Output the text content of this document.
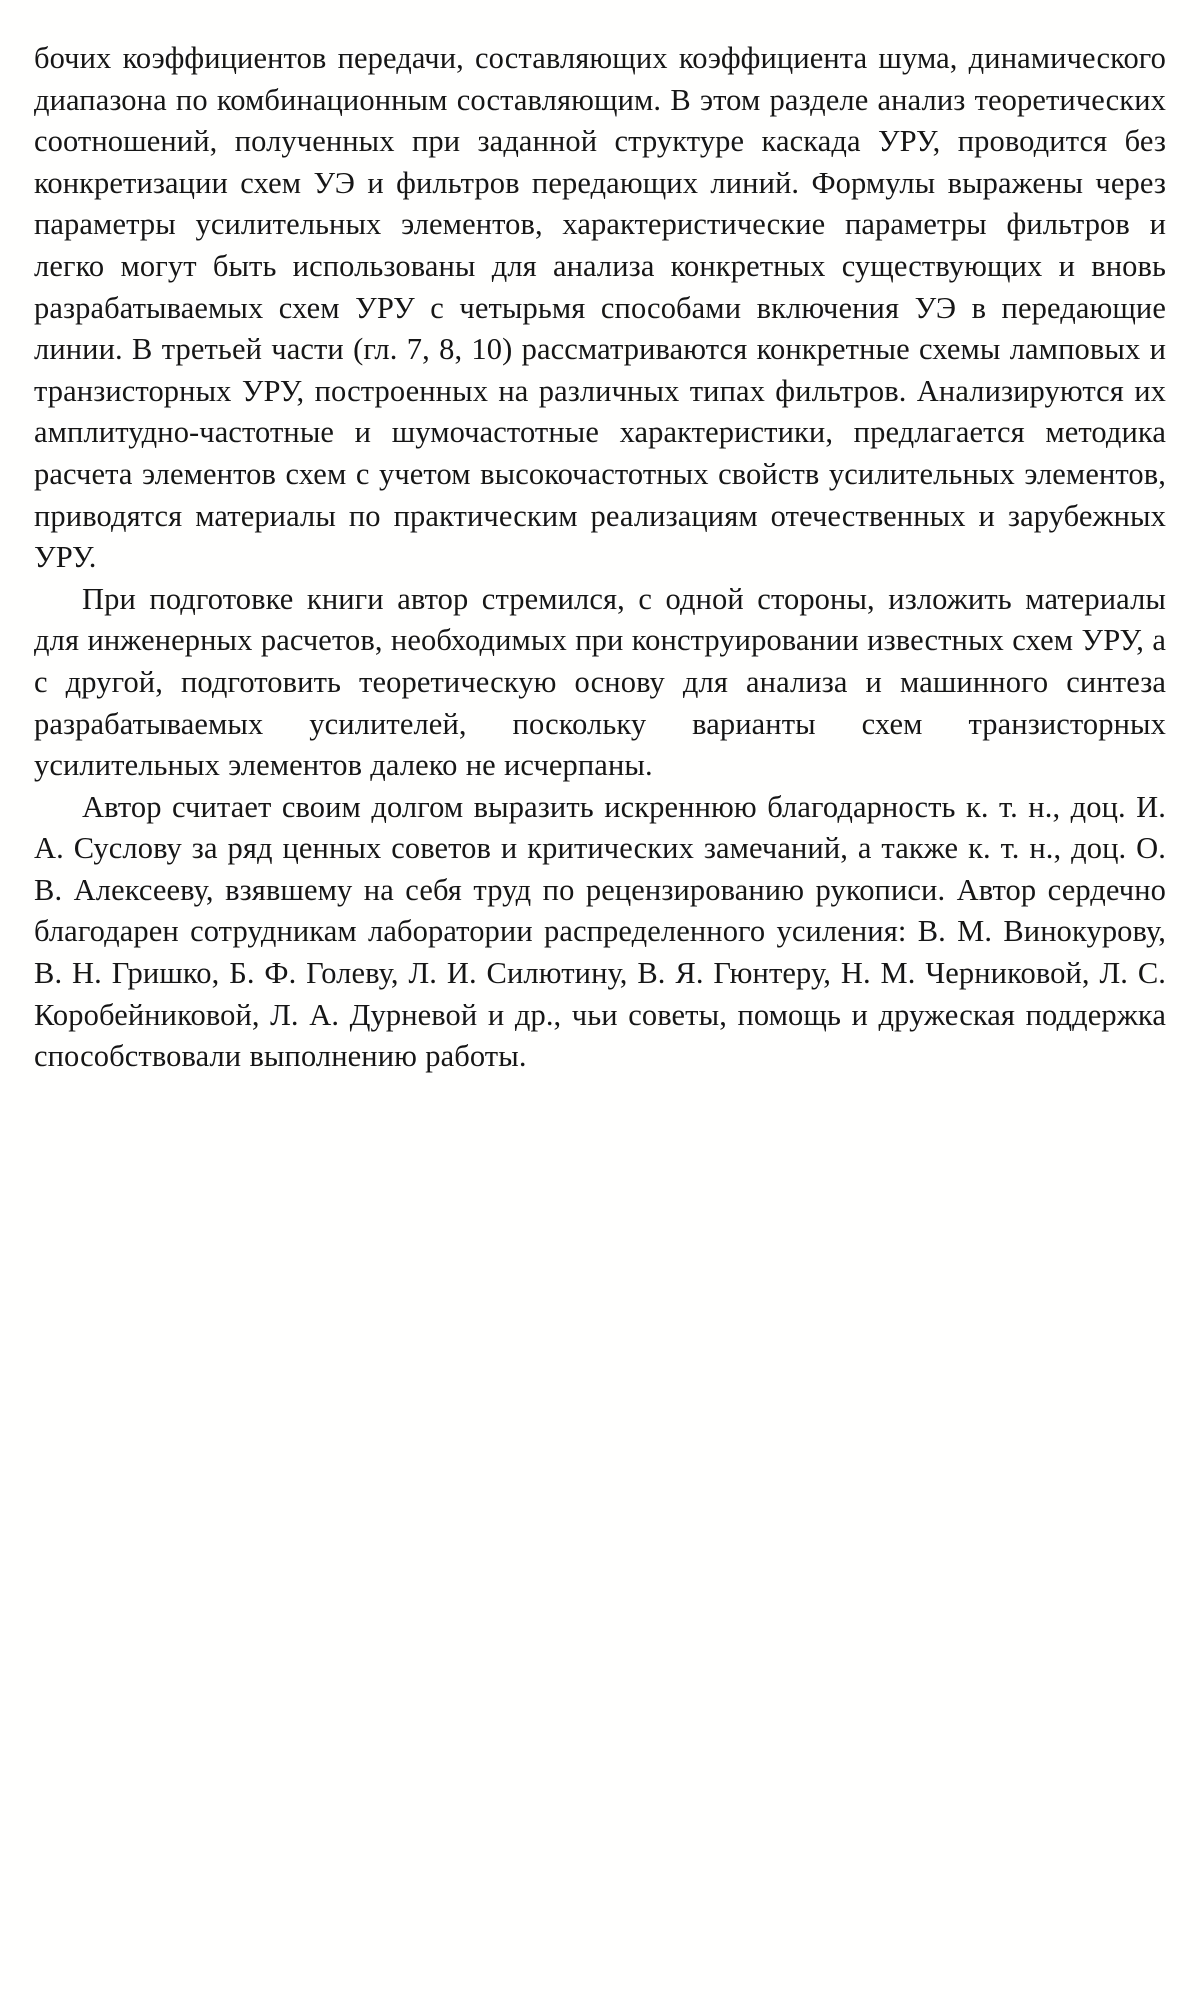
бочих коэффициентов передачи, составляющих коэффициента шума, динамического диапазона по комбинационным составляющим. В этом разделе анализ теоретических соотношений, полученных при заданной структуре каскада УРУ, проводится без конкретизации схем УЭ и фильтров передающих линий. Формулы выражены через параметры усилительных элементов, характеристические параметры фильтров и легко могут быть использованы для анализа конкретных существующих и вновь разрабатываемых схем УРУ с четырьмя способами включения УЭ в передающие линии. В третьей части (гл. 7, 8, 10) рассматриваются конкретные схемы ламповых и транзисторных УРУ, построенных на различных типах фильтров. Анализируются их амплитудно-частотные и шумочастотные характеристики, предлагается методика расчета элементов схем с учетом высокочастотных свойств усилительных элементов, приводятся материалы по практическим реализациям отечественных и зарубежных УРУ.

При подготовке книги автор стремился, с одной стороны, изложить материалы для инженерных расчетов, необходимых при конструировании известных схем УРУ, а с другой, подготовить теоретическую основу для анализа и машинного синтеза разрабатываемых усилителей, поскольку варианты схем транзисторных усилительных элементов далеко не исчерпаны.

Автор считает своим долгом выразить искреннюю благодарность к. т. н., доц. И. А. Суслову за ряд ценных советов и критических замечаний, а также к. т. н., доц. О. В. Алексееву, взявшему на себя труд по рецензированию рукописи. Автор сердечно благодарен сотрудникам лаборатории распределенного усиления: В. М. Винокурову, В. Н. Гришко, Б. Ф. Голеву, Л. И. Силютину, В. Я. Гюнтеру, Н. М. Черниковой, Л. С. Коробейниковой, Л. А. Дурневой и др., чьи советы, помощь и дружеская поддержка способствовали выполнению работы.
